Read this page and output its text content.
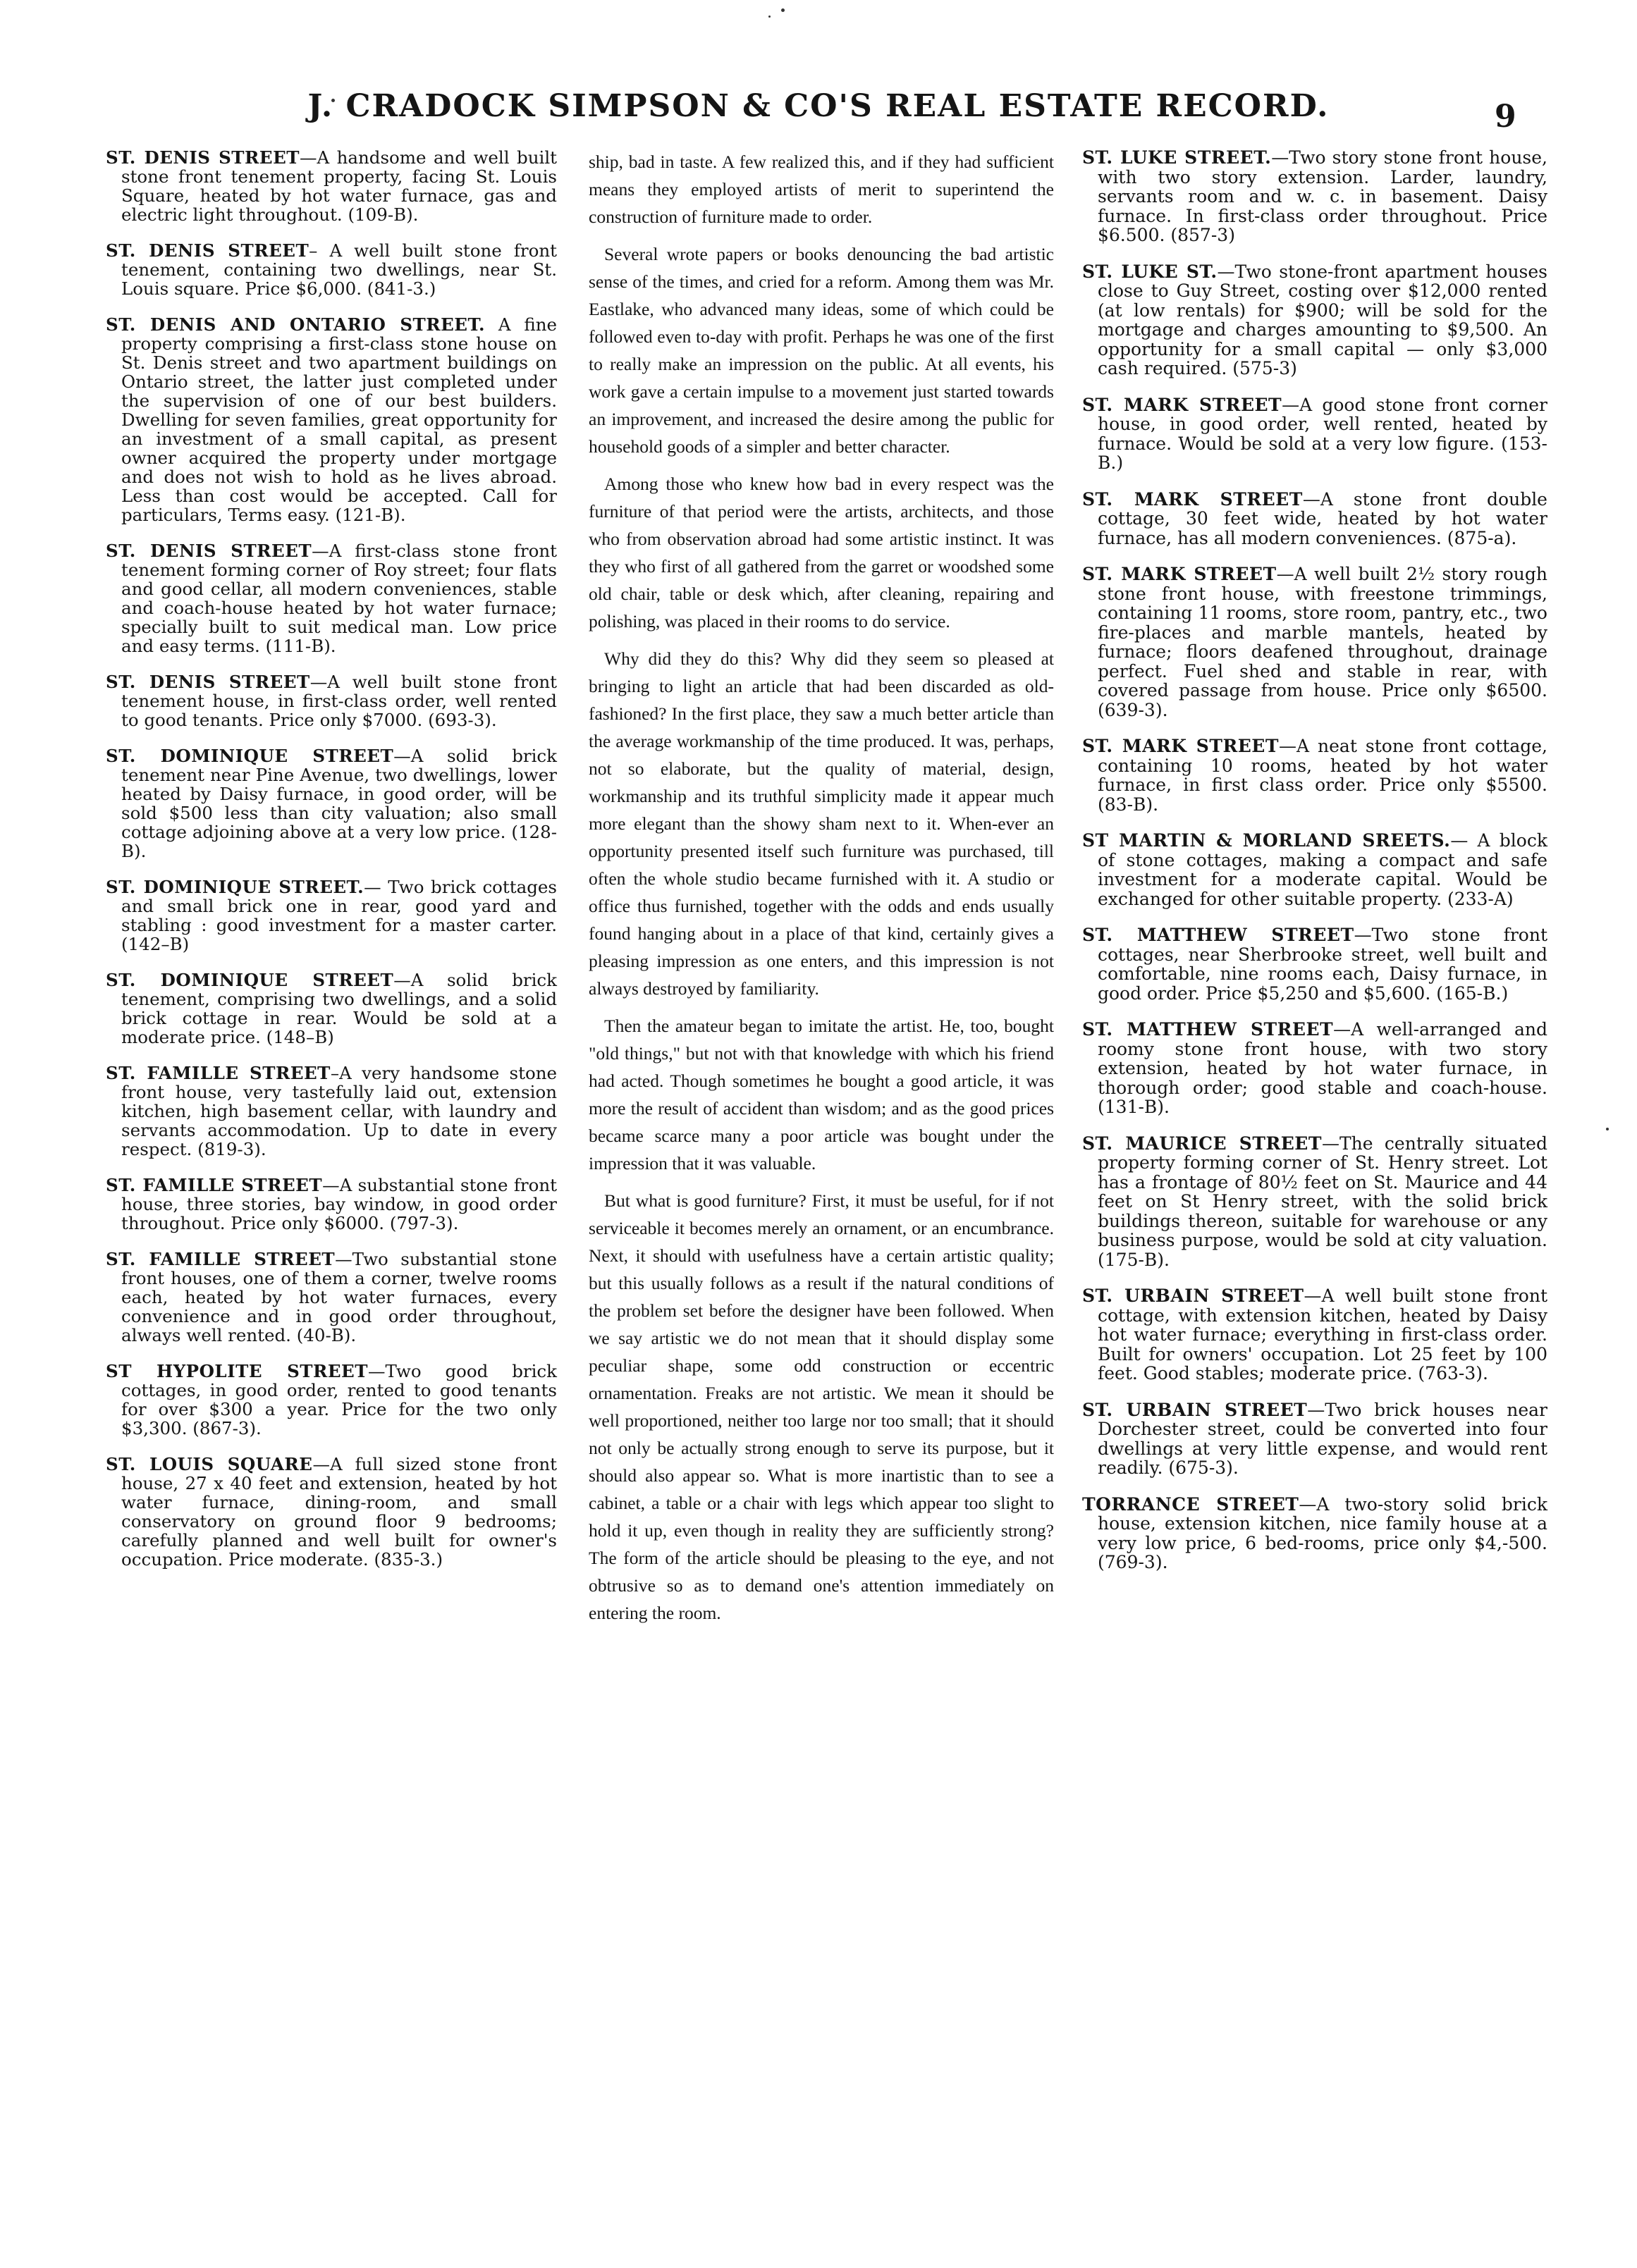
J. CRADOCK SIMPSON & CO'S REAL ESTATE RECORD.	9

ST. DENIS STREET—A handsome and well built stone front tenement property, facing St. Louis Square, heated by hot water furnace, gas and electric light throughout. (109-B).

ST. DENIS STREET– A well built stone front tenement, containing two dwellings, near St. Louis square. Price $6,000. (841-3.)

ST. DENIS AND ONTARIO STREET. A fine property comprising a first-class stone house on St. Denis street and two apartment buildings on Ontario street, the latter just completed under the supervision of one of our best builders. Dwelling for seven families, great opportunity for an investment of a small capital, as present owner acquired the property under mortgage and does not wish to hold as he lives abroad. Less than cost would be accepted. Call for particulars, Terms easy. (121-B).

ST. DENIS STREET—A first-class stone front tenement forming corner of Roy street; four flats and good cellar, all modern conveniences, stable and coach-house heated by hot water furnace; specially built to suit medical man. Low price and easy terms. (111-B).

ST. DENIS STREET—A well built stone front tenement house, in first-class order, well rented to good tenants. Price only $7000. (693-3).

ST. DOMINIQUE STREET—A solid brick tenement near Pine Avenue, two dwellings, lower heated by Daisy furnace, in good order, will be sold $500 less than city valuation; also small cottage adjoining above at a very low price. (128-B).

ST. DOMINIQUE STREET.— Two brick cottages and small brick one in rear, good yard and stabling : good investment for a master carter. (142–B)

ST. DOMINIQUE STREET—A solid brick tenement, comprising two dwellings, and a solid brick cottage in rear. Would be sold at a moderate price. (148–B)

ST. FAMILLE STREET–A very handsome stone front house, very tastefully laid out, extension kitchen, high basement cellar, with laundry and servants accommodation. Up to date in every respect. (819-3).

ST. FAMILLE STREET—A substantial stone front house, three stories, bay window, in good order throughout. Price only $6000. (797-3).

ST. FAMILLE STREET—Two substantial stone front houses, one of them a corner, twelve rooms each, heated by hot water furnaces, every convenience and in good order throughout, always well rented. (40-B).

ST HYPOLITE STREET—Two good brick cottages, in good order, rented to good tenants for over $300 a year. Price for the two only $3,300. (867-3).

ST. LOUIS SQUARE—A full sized stone front house, 27 x 40 feet and extension, heated by hot water furnace, dining-room, and small conservatory on ground floor 9 bedrooms; carefully planned and well built for owner's occupation. Price moderate. (835-3.)

ship, bad in taste. A few realized this, and if they had sufficient means they employed artists of merit to superintend the construction of furniture made to order.

Several wrote papers or books denouncing the bad artistic sense of the times, and cried for a reform. Among them was Mr. Eastlake, who advanced many ideas, some of which could be followed even to-day with profit. Perhaps he was one of the first to really make an impression on the public. At all events, his work gave a certain impulse to a movement just started towards an improvement, and increased the desire among the public for household goods of a simpler and better character.

Among those who knew how bad in every respect was the furniture of that period were the artists, architects, and those who from observation abroad had some artistic instinct. It was they who first of all gathered from the garret or woodshed some old chair, table or desk which, after cleaning, repairing and polishing, was placed in their rooms to do service.

Why did they do this? Why did they seem so pleased at bringing to light an article that had been discarded as old-fashioned? In the first place, they saw a much better article than the average workmanship of the time produced. It was, perhaps, not so elaborate, but the quality of material, design, workmanship and its truthful simplicity made it appear much more elegant than the showy sham next to it. When-ever an opportunity presented itself such furniture was purchased, till often the whole studio became furnished with it. A studio or office thus furnished, together with the odds and ends usually found hanging about in a place of that kind, certainly gives a pleasing impression as one enters, and this impression is not always destroyed by familiarity.

Then the amateur began to imitate the artist. He, too, bought "old things," but not with that knowledge with which his friend had acted. Though sometimes he bought a good article, it was more the result of accident than wisdom; and as the good prices became scarce many a poor article was bought under the impression that it was valuable.

But what is good furniture? First, it must be useful, for if not serviceable it becomes merely an ornament, or an encumbrance. Next, it should with usefulness have a certain artistic quality; but this usually follows as a result if the natural conditions of the problem set before the designer have been followed. When we say artistic we do not mean that it should display some peculiar shape, some odd construction or eccentric ornamentation. Freaks are not artistic. We mean it should be well proportioned, neither too large nor too small; that it should not only be actually strong enough to serve its purpose, but it should also appear so. What is more inartistic than to see a cabinet, a table or a chair with legs which appear too slight to hold it up, even though in reality they are sufficiently strong? The form of the article should be pleasing to the eye, and not obtrusive so as to demand one's attention immediately on entering the room.

ST. LUKE STREET.—Two story stone front house, with two story extension. Larder, laundry, servants room and w. c. in basement. Daisy furnace. In first-class order throughout. Price $6.500. (857-3)

ST. LUKE ST.—Two stone-front apartment houses close to Guy Street, costing over $12,000 rented (at low rentals) for $900; will be sold for the mortgage and charges amounting to $9,500. An opportunity for a small capital — only $3,000 cash required. (575-3)

ST. MARK STREET—A good stone front corner house, in good order, well rented, heated by furnace. Would be sold at a very low figure. (153-B.)

ST. MARK STREET—A stone front double cottage, 30 feet wide, heated by hot water furnace, has all modern conveniences. (875-a).

ST. MARK STREET—A well built 2½ story rough stone front house, with freestone trimmings, containing 11 rooms, store room, pantry, etc., two fire-places and marble mantels, heated by furnace; floors deafened throughout, drainage perfect. Fuel shed and stable in rear, with covered passage from house. Price only $6500. (639-3).

ST. MARK STREET—A neat stone front cottage, containing 10 rooms, heated by hot water furnace, in first class order. Price only $5500. (83-B).

ST MARTIN & MORLAND SREETS.— A block of stone cottages, making a compact and safe investment for a moderate capital. Would be exchanged for other suitable property. (233-A)

ST. MATTHEW STREET—Two stone front cottages, near Sherbrooke street, well built and comfortable, nine rooms each, Daisy furnace, in good order. Price $5,250 and $5,600. (165-B.)

ST. MATTHEW STREET—A well-arranged and roomy stone front house, with two story extension, heated by hot water furnace, in thorough order; good stable and coach-house. (131-B).

ST. MAURICE STREET—The centrally situated property forming corner of St. Henry street. Lot has a frontage of 80½ feet on St. Maurice and 44 feet on St Henry street, with the solid brick buildings thereon, suitable for warehouse or any business purpose, would be sold at city valuation. (175-B).

ST. URBAIN STREET—A well built stone front cottage, with extension kitchen, heated by Daisy hot water furnace; everything in first-class order. Built for owners' occupation. Lot 25 feet by 100 feet. Good stables; moderate price. (763-3).

ST. URBAIN STREET—Two brick houses near Dorchester street, could be converted into four dwellings at very little expense, and would rent readily. (675-3).

TORRANCE STREET—A two-story solid brick house, extension kitchen, nice family house at a very low price, 6 bed-rooms, price only $4,-500. (769-3).
